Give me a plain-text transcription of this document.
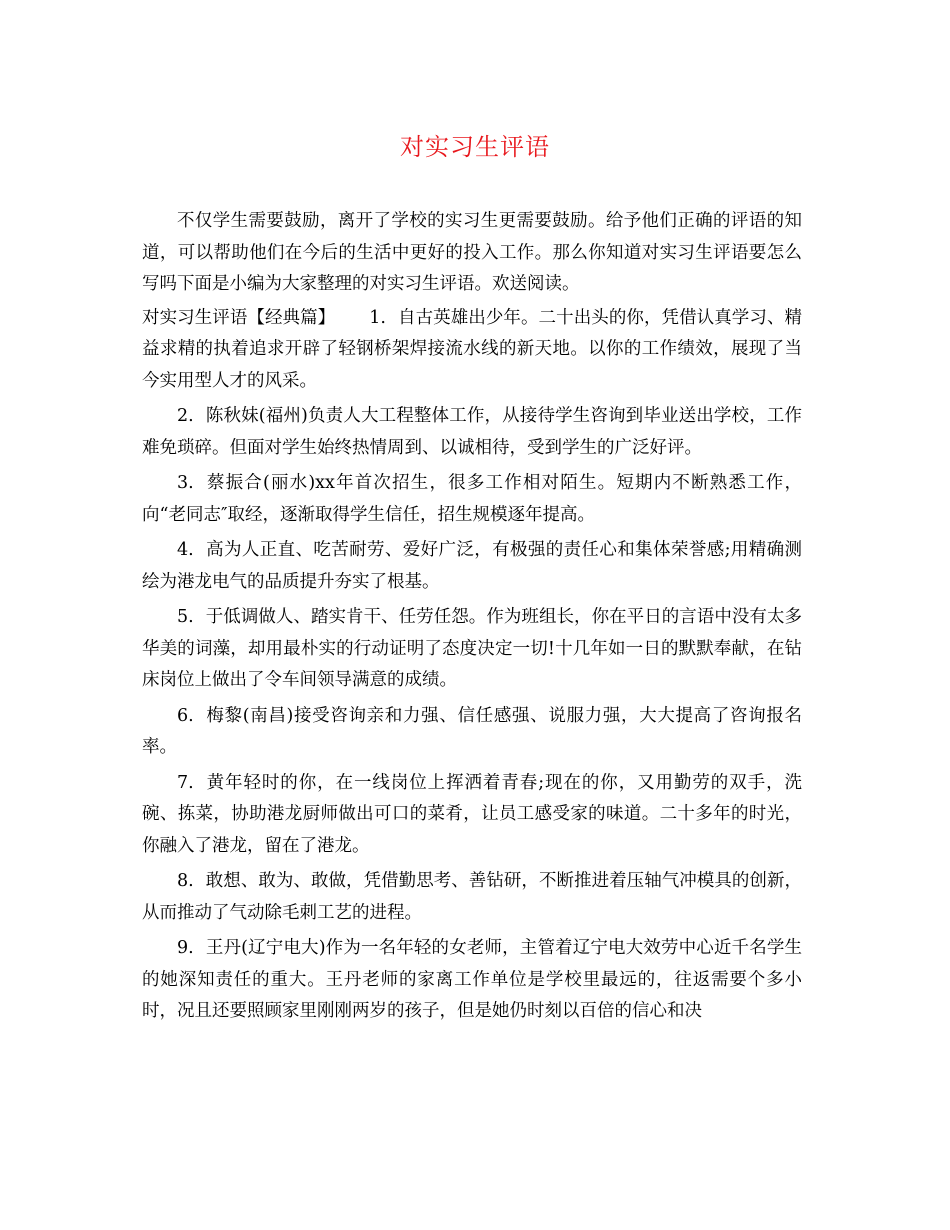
对实习生评语

不仅学生需要鼓励，离开了学校的实习生更需要鼓励。给予他们正确的评语的知道，可以帮助他们在今后的生活中更好的投入工作。那么你知道对实习生评语要怎么写吗下面是小编为大家整理的对实习生评语。欢送阅读。

对实习生评语【经典篇】 1. 自古英雄出少年。二十出头的你，凭借认真学习、精益求精的执着追求开辟了轻钢桥架焊接流水线的新天地。以你的工作绩效，展现了当今实用型人才的风采。

2. 陈秋妹(福州)负责人大工程整体工作，从接待学生咨询到毕业送出学校，工作难免琐碎。但面对学生始终热情周到、以诚相待，受到学生的广泛好评。

3. 蔡振合(丽水)xx年首次招生，很多工作相对陌生。短期内不断熟悉工作，向“老同志″取经，逐渐取得学生信任，招生规模逐年提高。

4. 高为人正直、吃苦耐劳、爱好广泛，有极强的责任心和集体荣誉感;用精确测绘为港龙电气的品质提升夯实了根基。

5. 于低调做人、踏实肯干、任劳任怨。作为班组长，你在平日的言语中没有太多华美的词藻，却用最朴实的行动证明了态度决定一切!十几年如一日的默默奉献，在钻床岗位上做出了令车间领导满意的成绩。

6. 梅黎(南昌)接受咨询亲和力强、信任感强、说服力强，大大提高了咨询报名率。

7. 黄年轻时的你，在一线岗位上挥洒着青春;现在的你，又用勤劳的双手，洗碗、拣菜，协助港龙厨师做出可口的菜肴，让员工感受家的味道。二十多年的时光，你融入了港龙，留在了港龙。

8. 敢想、敢为、敢做，凭借勤思考、善钻研，不断推进着压轴气冲模具的创新，从而推动了气动除毛刺工艺的进程。

9. 王丹(辽宁电大)作为一名年轻的女老师，主管着辽宁电大效劳中心近千名学生的她深知责任的重大。王丹老师的家离工作单位是学校里最远的，往返需要个多小时，况且还要照顾家里刚刚两岁的孩子，但是她仍时刻以百倍的信心和决
